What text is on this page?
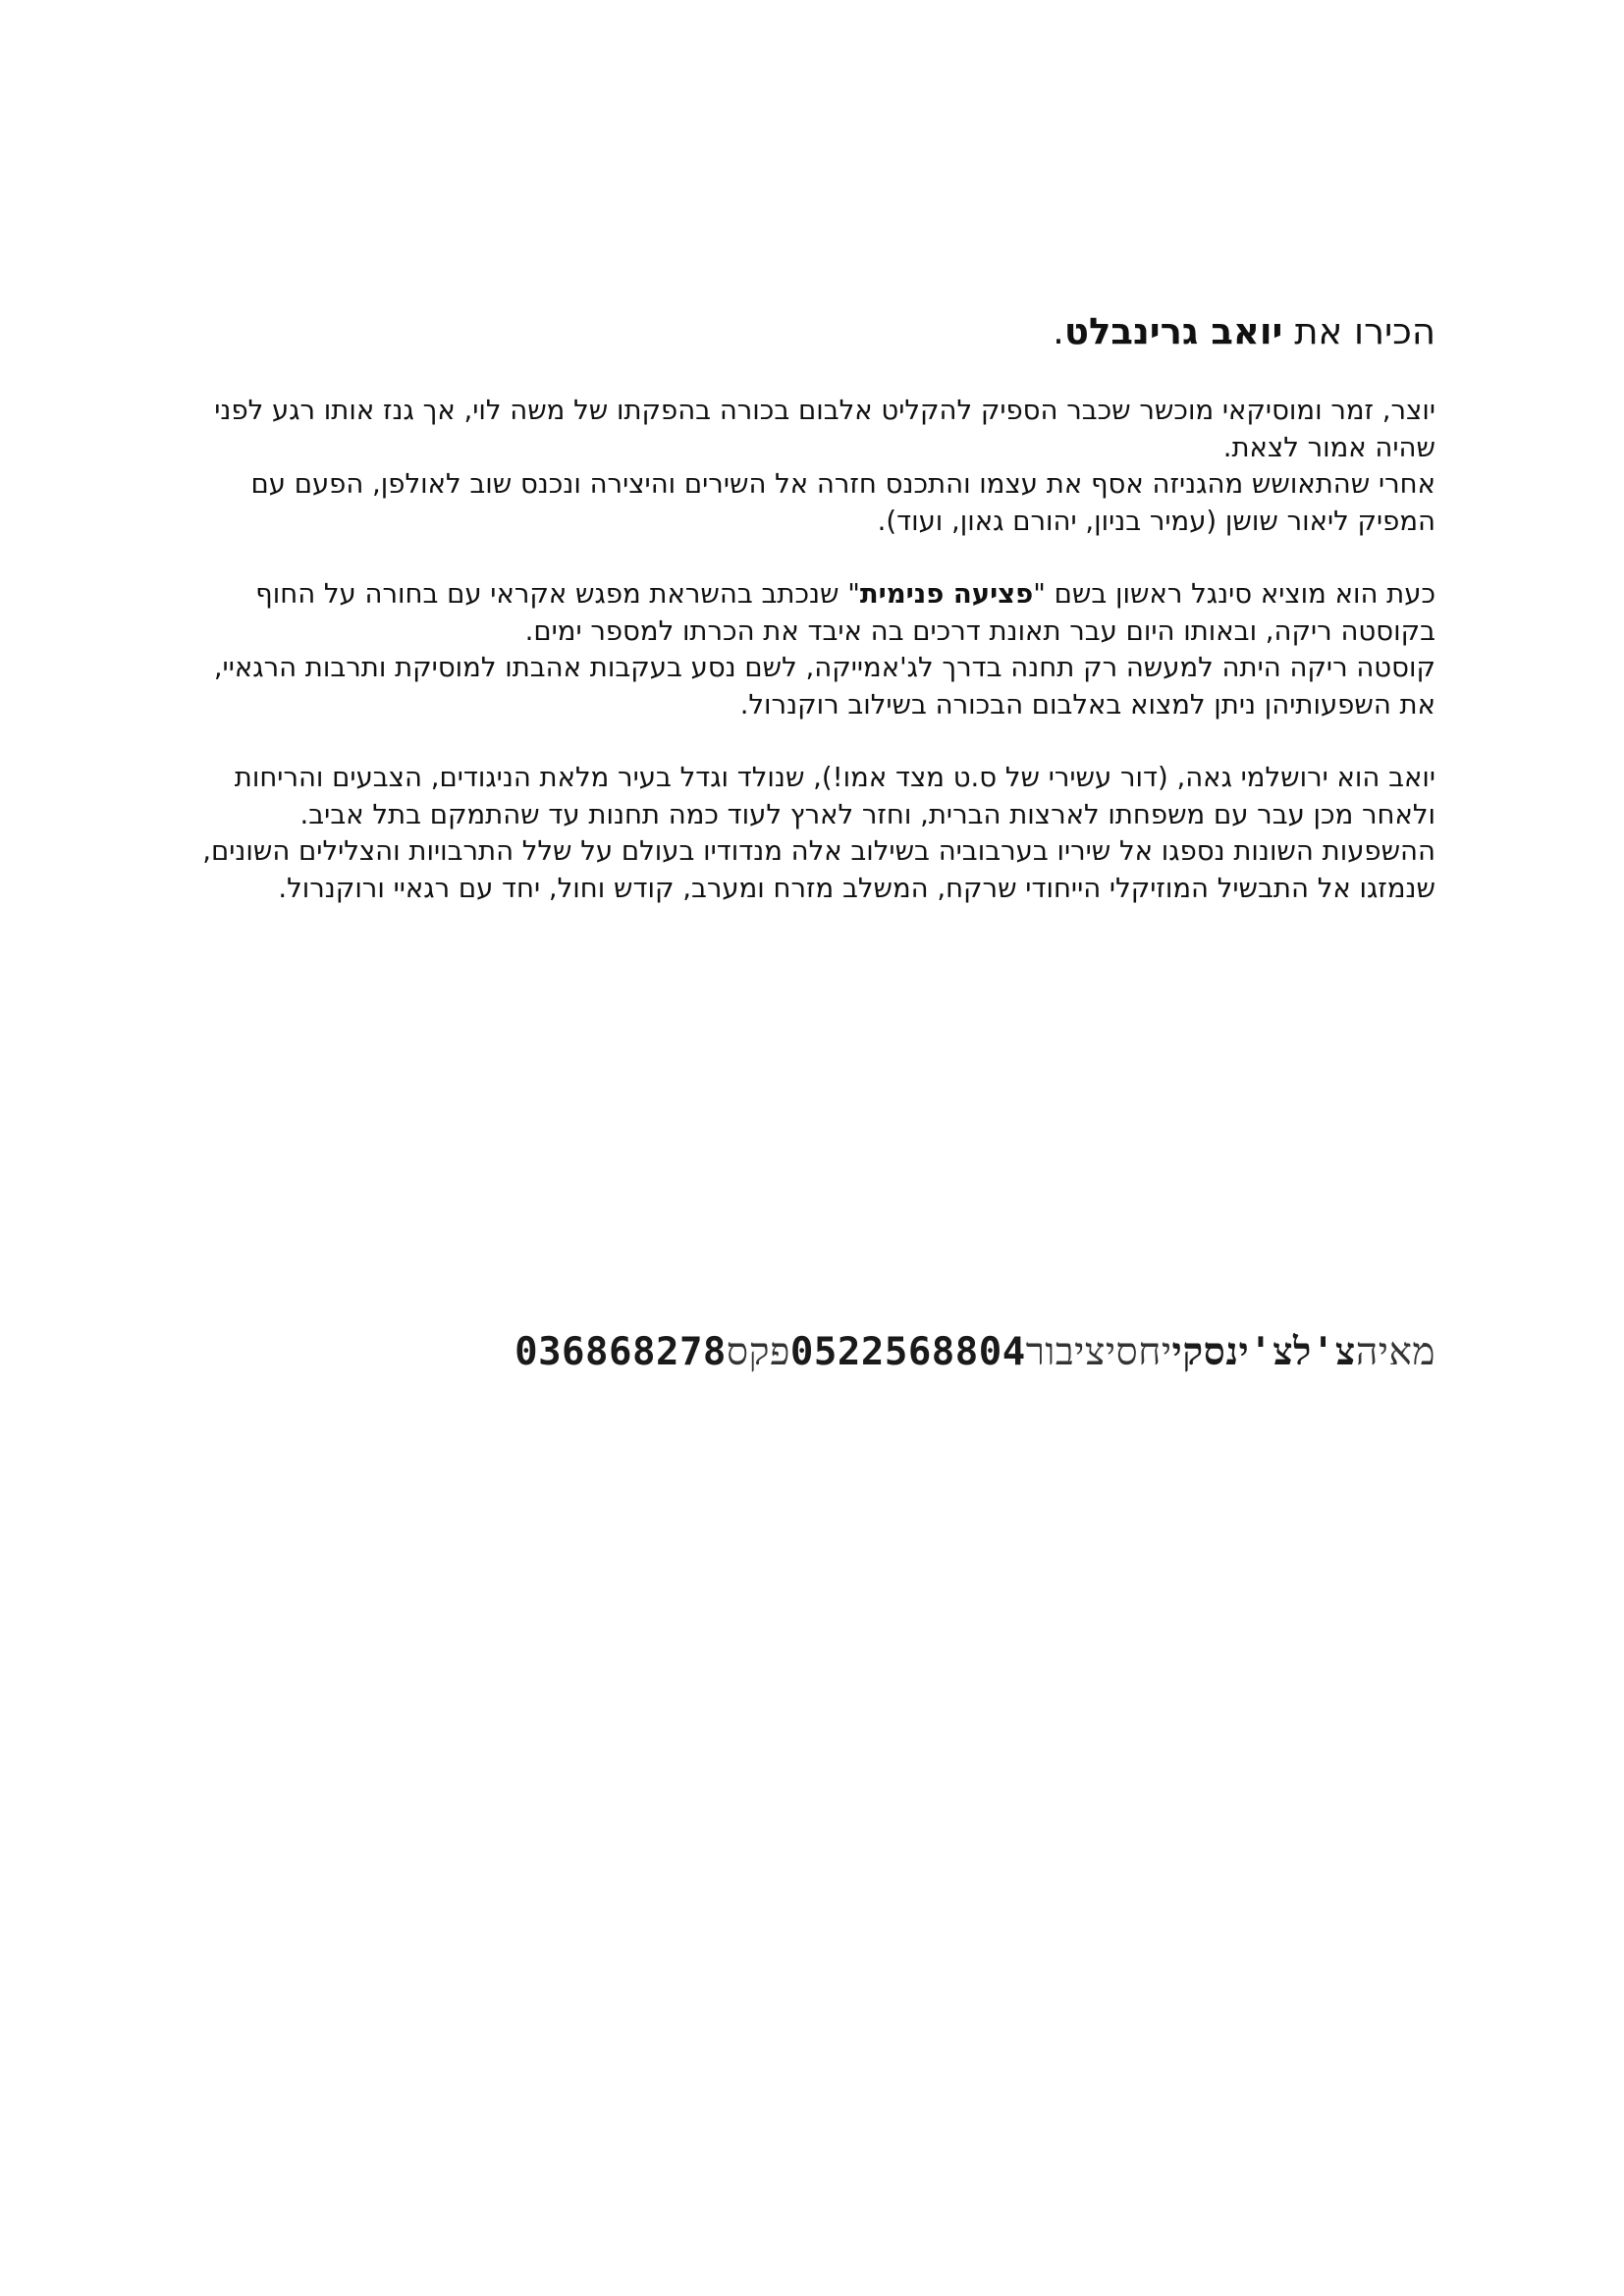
הכירו את יואב גרינבלט.

יוצר, זמר ומוסיקאי מוכשר שכבר הספיק להקליט אלבום בכורה בהפקתו של משה לוי, אך גנז אותו רגע לפני שהיה אמור לצאת.

אחרי שהתאושש מהגניזה אסף את עצמו והתכנס חזרה אל השירים והיצירה ונכנס שוב לאולפן, הפעם עם המפיק ליאור שושן (עמיר בניון, יהורם גאון, ועוד).

כעת הוא מוציא סינגל ראשון בשם "פציעה פנימית" שנכתב בהשראת מפגש אקראי עם בחורה על החוף בקוסטה ריקה, ובאותו היום עבר תאונת דרכים בה איבד את הכרתו למספר ימים.

קוסטה ריקה היתה למעשה רק תחנה בדרך לג'אמייקה, לשם נסע בעקבות אהבתו למוסיקת ותרבות הרגאיי, את השפעותיהן ניתן למצוא באלבום הבכורה בשילוב רוקנרול.

יואב הוא ירושלמי גאה, (דור עשירי של ס.ט מצד אמו!), שנולד וגדל בעיר מלאת הניגודים, הצבעים והריחות ולאחר מכן עבר עם משפחתו לארצות הברית, וחזר לארץ לעוד כמה תחנות עד שהתמקם בתל אביב. ההשפעות השונות נספגו אל שיריו בערבוביה בשילוב אלה מנדודיו בעולם על שלל התרבויות והצלילים השונים, שנמזגו אל התבשיל המוזיקלי הייחודי שרקח, המשלב מזרח ומערב, קודש וחול, יחד עם רגאיי ורוקנרול.

מאיהצ'לצ'ינסקייחסיציבור0522568804פקס036868278
